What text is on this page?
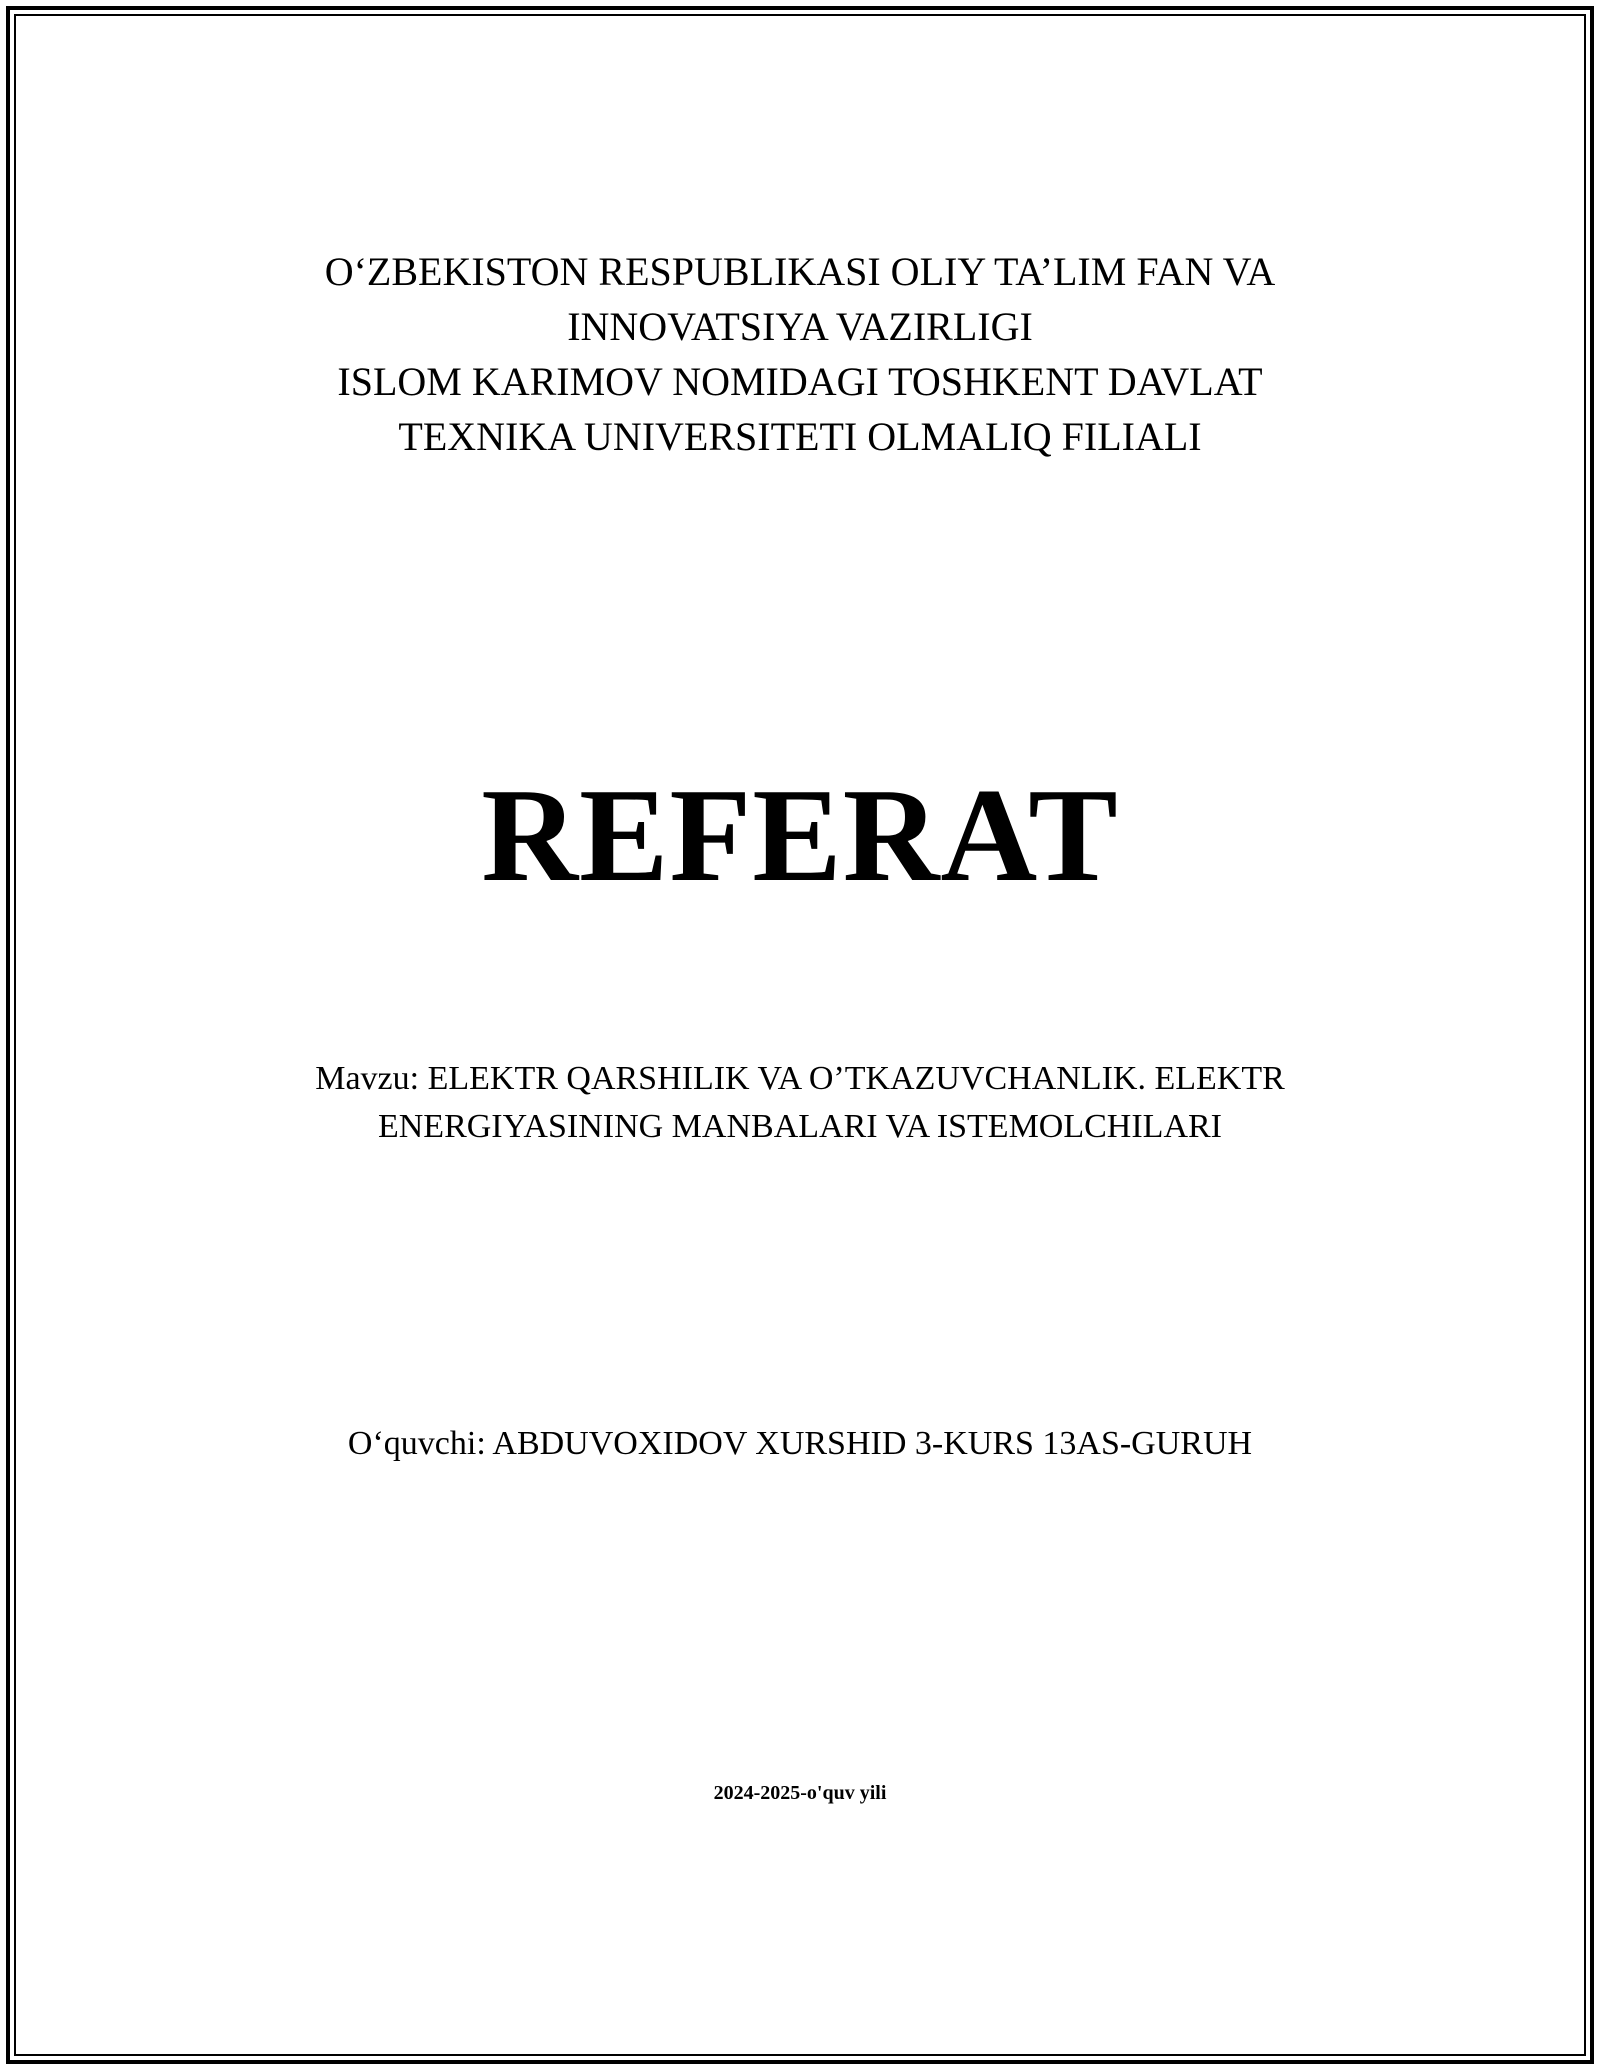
O‘ZBEKISTON RESPUBLIKASI OLIY TA’LIM FAN VA
INNOVATSIYA VAZIRLIGI
ISLOM KARIMOV NOMIDAGI TOSHKENT DAVLAT
TEXNIKA UNIVERSITETI OLMALIQ FILIALI
REFERAT
Mavzu: ELEKTR QARSHILIK VA O’TKAZUVCHANLIK. ELEKTR
ENERGIYASINING MANBALARI VA ISTEMOLCHILARI
O‘quvchi: ABDUVOXIDOV XURSHID 3-KURS 13AS-GURUH
2024-2025-o'quv yili
